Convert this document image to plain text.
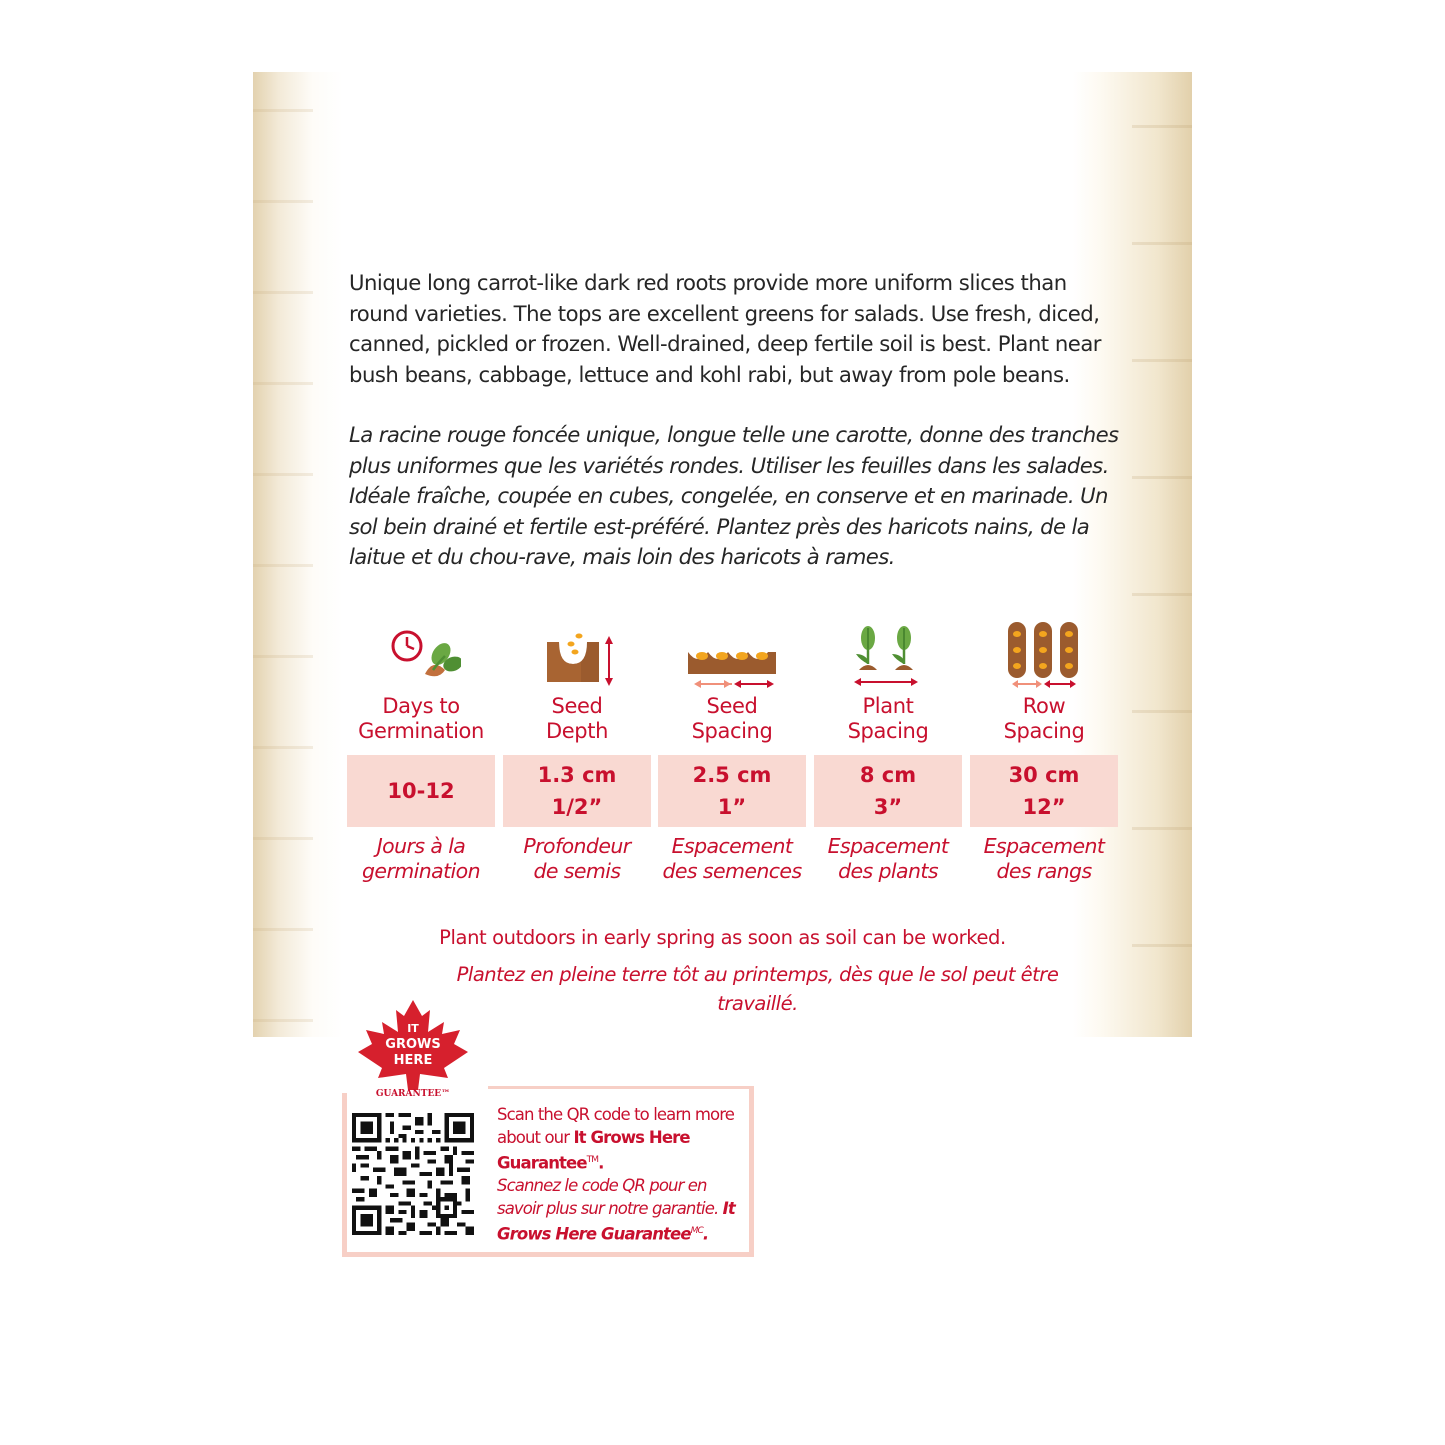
Unique long carrot-like dark red roots provide more uniform slices than round varieties. The tops are excellent greens for salads. Use fresh, diced, canned, pickled or frozen. Well-drained, deep fertile soil is best. Plant near bush beans, cabbage, lettuce and kohl rabi, but away from pole beans.

La racine rouge foncée unique, longue telle une carotte, donne des tranches plus uniformes que les variétés rondes. Utiliser les feuilles dans les salades. Idéale fraîche, coupée en cubes, congelée, en conserve et en marinade. Un sol bein drainé et fertile est-préféré. Plantez près des haricots nains, de la laitue et du chou-rave, mais loin des haricots à rames.

Days to
Germination
10-12
Jours à la
germination
Seed
Depth
1.3 cm
1/2”
Profondeur
de semis
Seed
Spacing
2.5 cm
1”
Espacement
des semences
Plant
Spacing
8 cm
3”
Espacement
des plants
Row
Spacing
30 cm
12”
Espacement
des rangs

Plant outdoors in early spring as soon as soil can be worked.

Plantez en pleine terre tôt au printemps, dès que le sol peut être
travaillé.
IT
GROWS
HERE
GUARANTEE™
Scan the QR code to learn more about our It Grows Here Guarantee™.
Scannez le code QR pour en savoir plus sur notre garantie. It Grows Here Guarantee$^{MC}$.
